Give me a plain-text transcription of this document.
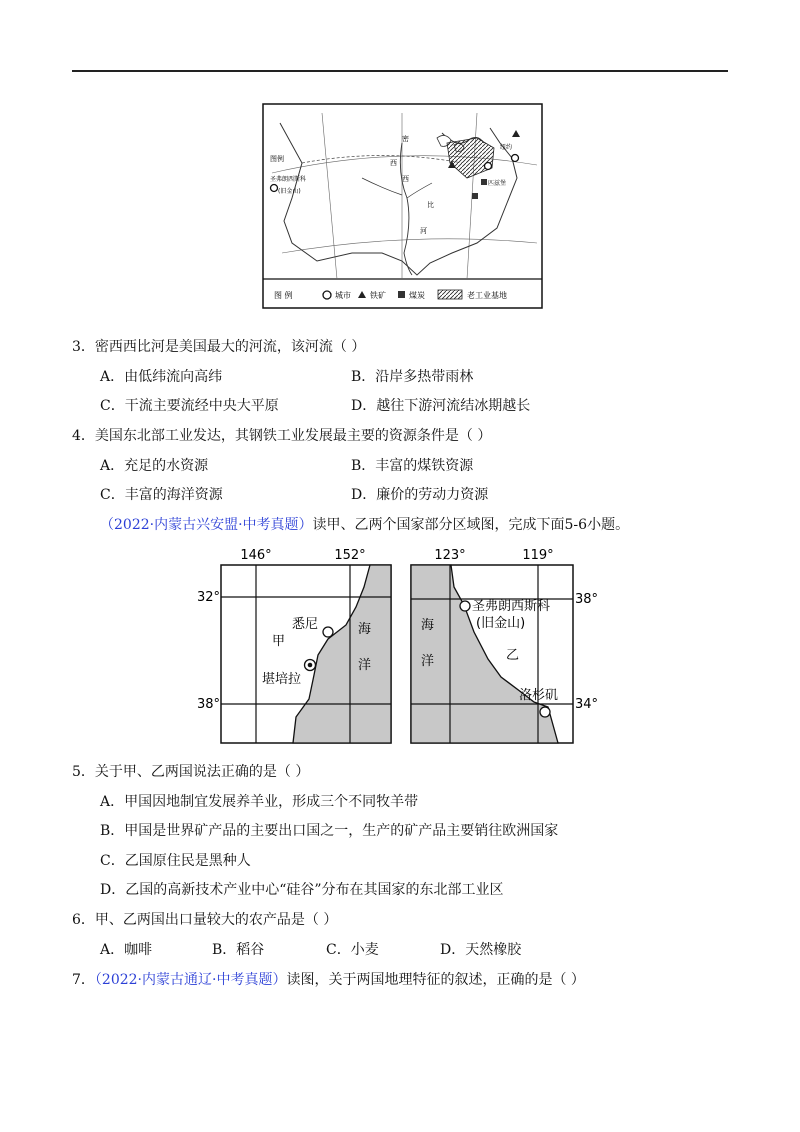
密
西
西
比
河
图例
圣弗朗西斯科
(旧金山)
纽约
匹兹堡
图 例	城市 铁矿	煤炭	老工业基地
3．密西西比河是美国最大的河流，该河流（ ）
A．由低纬流向高纬	B．沿岸多热带雨林
C．干流主要流经中央大平原	D．越往下游河流结冰期越长
4．美国东北部工业发达，其钢铁工业发展最主要的资源条件是（ ）
A．充足的水资源	B．丰富的煤铁资源
C．丰富的海洋资源	D．廉价的劳动力资源
（2022·内蒙古兴安盟·中考真题）读甲、乙两个国家部分区域图，完成下面5-6小题。
146°	152°
32°
38°
悉尼
堪培拉
甲
海
洋
123°	119°
38°
34°
圣弗朗西斯科
(旧金山)
洛杉矶
乙
海
洋
5．关于甲、乙两国说法正确的是（ ）
A．甲国因地制宜发展养羊业，形成三个不同牧羊带
B．甲国是世界矿产品的主要出口国之一，生产的矿产品主要销往欧洲国家
C．乙国原住民是黑种人
D．乙国的高新技术产业中心“硅谷”分布在其国家的东北部工业区
6．甲、乙两国出口量较大的农产品是（ ）
A．咖啡	B．稻谷	C．小麦	D．天然橡胶
7．（2022·内蒙古通辽·中考真题）读图，关于两国地理特征的叙述，正确的是（ ）
